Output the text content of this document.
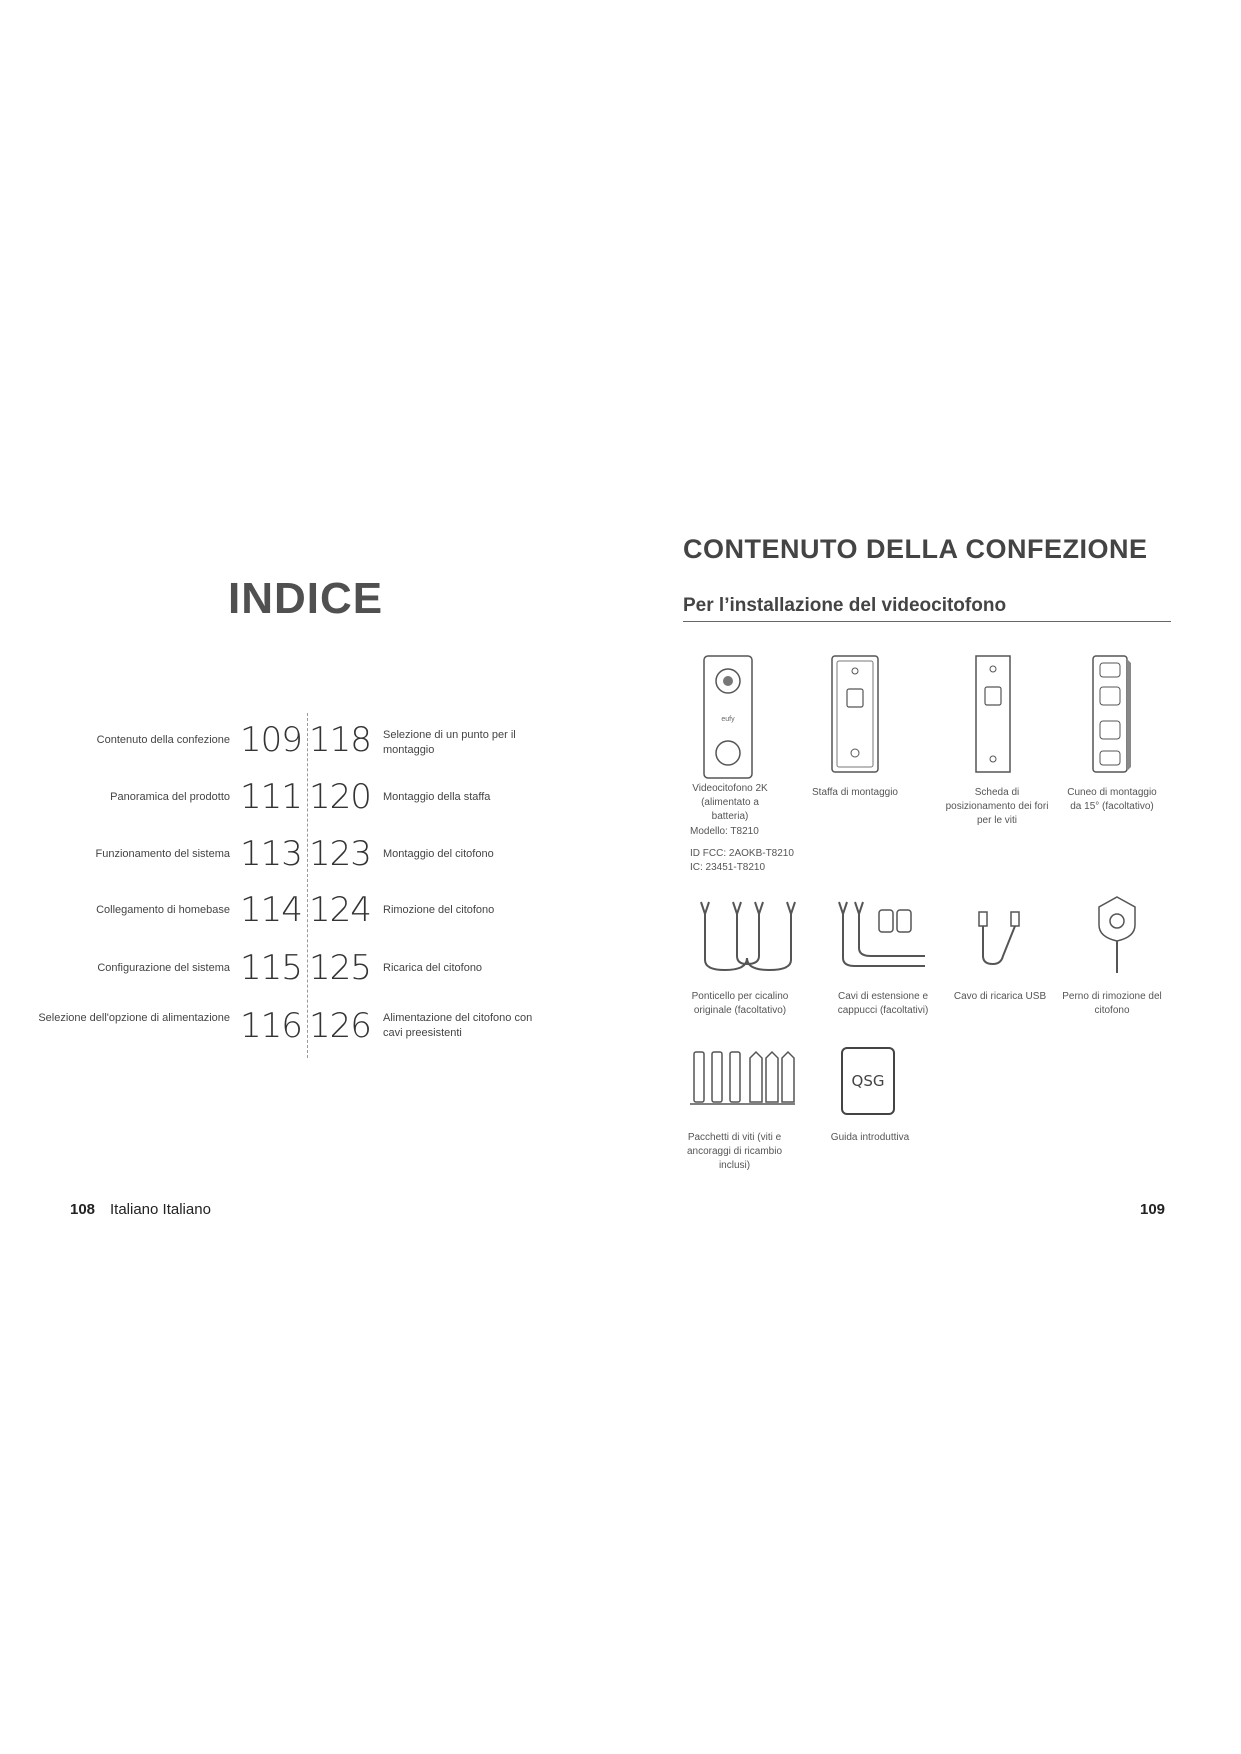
INDICE
Contenuto della confezione 109
Panoramica del prodotto 111
Funzionamento del sistema 113
Collegamento di homebase 114
Configurazione del sistema 115
Selezione dell'opzione di alimentazione 116
118 Selezione di un punto per il montaggio
120 Montaggio della staffa
123 Montaggio del citofono
124 Rimozione del citofono
125 Ricarica del citofono
126 Alimentazione del citofono con cavi preesistenti
108 Italiano Italiano
CONTENUTO DELLA CONFEZIONE
Per l’installazione del videocitofono
eufy
Videocitofono 2K (alimentato a batteria)
Modello: T8210
ID FCC: 2AOKB-T8210
IC: 23451-T8210
Staffa di montaggio	Scheda di posizionamento dei fori per le viti
Cuneo di montaggio da 15° (facoltativo)
Ponticello per cicalino originale (facoltativo)
Cavi di estensione e cappucci (facoltativi)
Cavo di ricarica USB	Perno di rimozione del citofono
QSG
Pacchetti di viti (viti e ancoraggi di ricambio inclusi)
Guida introduttiva
109
